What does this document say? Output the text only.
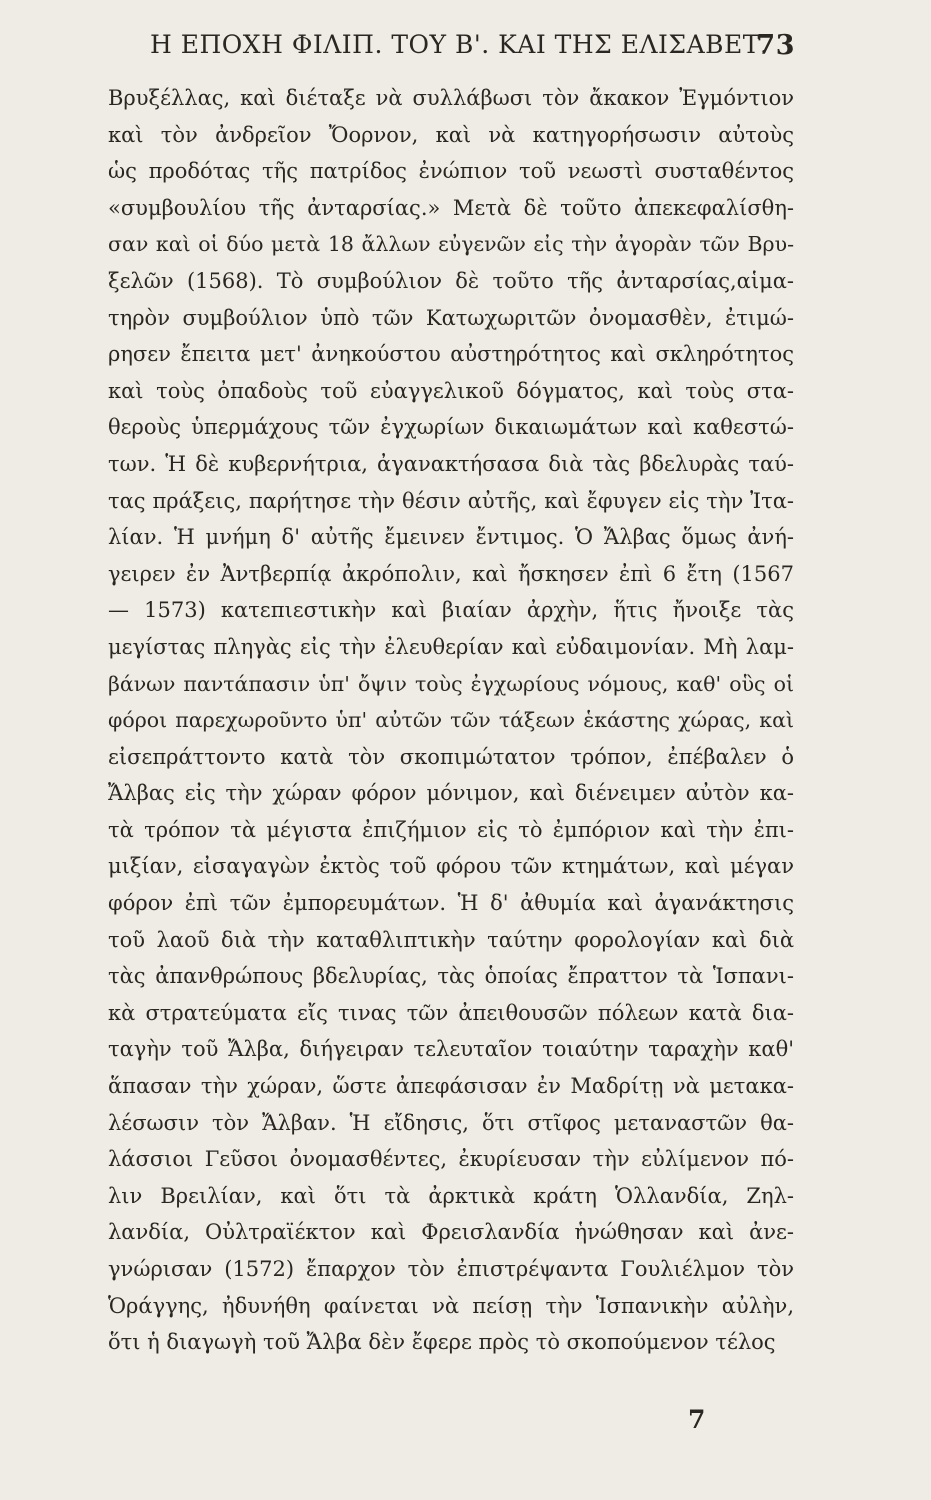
Η ΕΠΟΧΗ ΦΙΛΙΠ. ΤΟΥ Β'. ΚΑΙ ΤΗΣ ΕΛΙΣΑΒΕΤ.
73
Βρυξέλλας, καὶ διέταξε νὰ συλλάβωσι τὸν ἄκακον Ἐγμόντιον
καὶ τὸν ἀνδρεῖον Ὄορνον, καὶ νὰ κατηγορήσωσιν αὐτοὺς
ὡς προδότας τῆς πατρίδος ἐνώπιον τοῦ νεωστὶ συσταθέντος
«συμβουλίου τῆς ἀνταρσίας.» Μετὰ δὲ τοῦτο ἀπεκεφαλίσθη-
σαν καὶ οἱ δύο μετὰ 18 ἄλλων εὐγενῶν εἰς τὴν ἀγορὰν τῶν Βρυ-
ξελῶν (1568). Τὸ συμβούλιον δὲ τοῦτο τῆς ἀνταρσίας,αἱμα-
τηρὸν συμβούλιον ὑπὸ τῶν Κατωχωριτῶν ὀνομασθὲν, ἐτιμώ-
ρησεν ἔπειτα μετ' ἀνηκούστου αὐστηρότητος καὶ σκληρότητος
καὶ τοὺς ὀπαδοὺς τοῦ εὐαγγελικοῦ δόγματος, καὶ τοὺς στα-
θεροὺς ὑπερμάχους τῶν ἐγχωρίων δικαιωμάτων καὶ καθεστώ-
των. Ἡ δὲ κυβερνήτρια, ἀγανακτήσασα διὰ τὰς βδελυρὰς ταύ-
τας πράξεις, παρήτησε τὴν θέσιν αὐτῆς, καὶ ἔφυγεν εἰς τὴν Ἰτα-
λίαν. Ἡ μνήμη δ' αὐτῆς ἔμεινεν ἔντιμος. Ὁ Ἄλβας ὅμως ἀνή-
γειρεν ἐν Ἀντβερπίᾳ ἀκρόπολιν, καὶ ἤσκησεν ἐπὶ 6 ἔτη (1567
— 1573) κατεπιεστικὴν καὶ βιαίαν ἀρχὴν, ἥτις ἤνοιξε τὰς
μεγίστας πληγὰς εἰς τὴν ἐλευθερίαν καὶ εὐδαιμονίαν. Μὴ λαμ-
βάνων παντάπασιν ὑπ' ὄψιν τοὺς ἐγχωρίους νόμους, καθ' οὓς οἱ
φόροι παρεχωροῦντο ὑπ' αὐτῶν τῶν τάξεων ἑκάστης χώρας, καὶ
εἰσεπράττοντο κατὰ τὸν σκοπιμώτατον τρόπον, ἐπέβαλεν ὁ
Ἄλβας εἰς τὴν χώραν φόρον μόνιμον, καὶ διένειμεν αὐτὸν κα-
τὰ τρόπον τὰ μέγιστα ἐπιζήμιον εἰς τὸ ἐμπόριον καὶ τὴν ἐπι-
μιξίαν, εἰσαγαγὼν ἐκτὸς τοῦ φόρου τῶν κτημάτων, καὶ μέγαν
φόρον ἐπὶ τῶν ἐμπορευμάτων. Ἡ δ' ἀθυμία καὶ ἀγανάκτησις
τοῦ λαοῦ διὰ τὴν καταθλιπτικὴν ταύτην φορολογίαν καὶ διὰ
τὰς ἀπανθρώπους βδελυρίας, τὰς ὁποίας ἔπραττον τὰ Ἱσπανι-
κὰ στρατεύματα εἴς τινας τῶν ἀπειθουσῶν πόλεων κατὰ δια-
ταγὴν τοῦ Ἄλβα, διήγειραν τελευταῖον τοιαύτην ταραχὴν καθ'
ἅπασαν τὴν χώραν, ὥστε ἀπεφάσισαν ἐν Μαδρίτῃ νὰ μετακα-
λέσωσιν τὸν Ἄλβαν. Ἡ εἴδησις, ὅτι στῖφος μεταναστῶν θα-
λάσσιοι Γεῦσοι ὀνομασθέντες, ἐκυρίευσαν τὴν εὐλίμενον πό-
λιν Βρειλίαν, καὶ ὅτι τὰ ἀρκτικὰ κράτη Ὁλλανδία, Ζηλ-
λανδία, Οὐλτραϊέκτον καὶ Φρεισλανδία ἡνώθησαν καὶ ἀνε-
γνώρισαν (1572) ἔπαρχον τὸν ἐπιστρέψαντα Γουλιέλμον τὸν
Ὁράγγης, ἠδυνήθη φαίνεται νὰ πείσῃ τὴν Ἱσπανικὴν αὐλὴν,
ὅτι ἡ διαγωγὴ τοῦ Ἄλβα δὲν ἔφερε πρὸς τὸ σκοπούμενον τέλος
7
